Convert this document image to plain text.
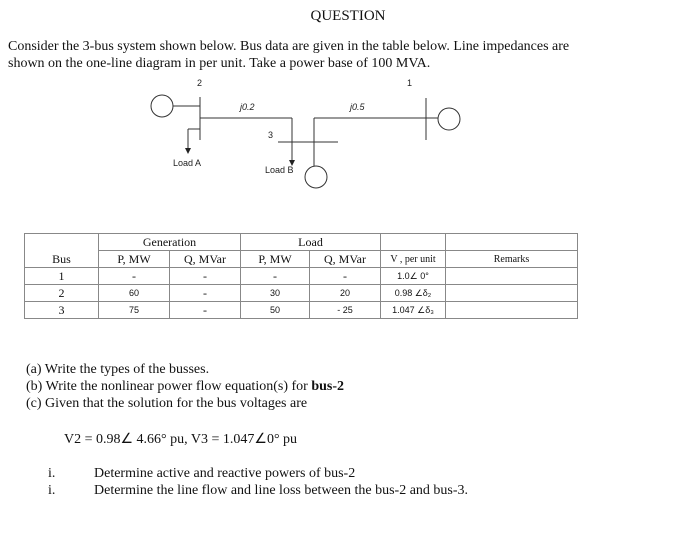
QUESTION
Consider the 3-bus system shown below. Bus data are given in the table below. Line impedances are shown on the one-line diagram in per unit. Take a power base of 100 MVA.
2	1
3
j0.2	j0.5
Load A
Load B
Bus	Generation		Load			
	P, MW	Q, MVar	P, MW	Q, MVar	V , per unit	Remarks
1	-	-	-	-	1.0∠ 0°	
2	60	-	30	20	0.98 ∠δ₂	
3	75	-	50	- 25	1.047 ∠δ₃	
(a) Write the types of the busses.
(b) Write the nonlinear power flow equation(s) for bus-2
(c) Given that the solution for the bus voltages are
V2 = 0.98∠ 4.66° pu, V3 = 1.047∠0° pu
i.	Determine active and reactive powers of bus-2
i.	Determine the line flow and line loss between the bus-2 and bus-3.
